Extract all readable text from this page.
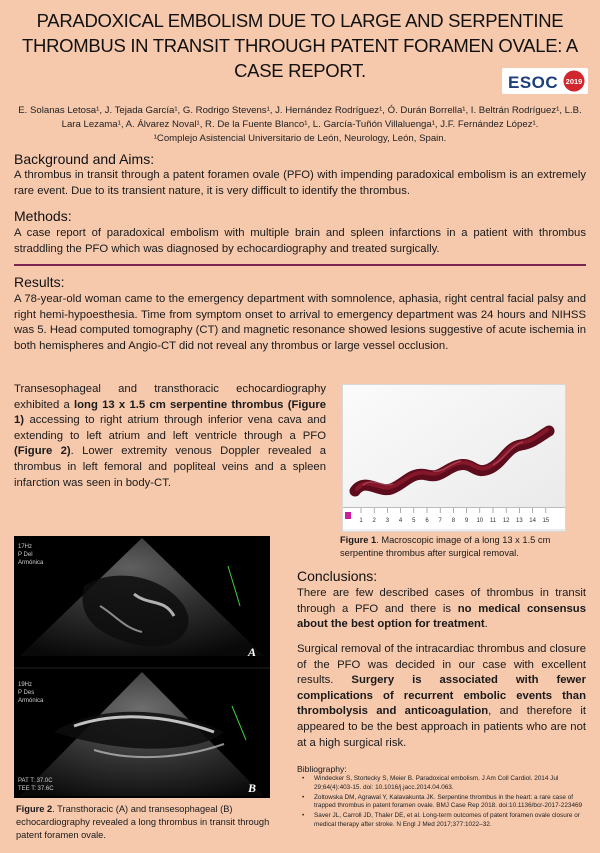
PARADOXICAL EMBOLISM DUE TO LARGE AND SERPENTINE
THROMBUS IN TRANSIT THROUGH PATENT FORAMEN OVALE: A
CASE REPORT.
ESOC 2019
E. Solanas Letosa¹, J. Tejada García¹, G. Rodrigo Stevens¹, J. Hernández Rodríguez¹, Ó. Durán Borrella¹, I. Beltrán Rodríguez¹, L.B.
Lara Lezama¹, A. Álvarez Noval¹, R. De la Fuente Blanco¹, L. García-Tuñón Villaluenga¹, J.F. Fernández López¹.
¹Complejo Asistencial Universitario de León, Neurology, León, Spain.
Background and Aims:

A thrombus in transit through a patent foramen ovale (PFO) with impending paradoxical embolism is an extremely rare event. Due to its transient nature, it is very difficult to identify the thrombus.

Methods:

A case report of paradoxical embolism with multiple brain and spleen infarctions in a patient with thrombus straddling the PFO which was diagnosed by echocardiography and treated surgically.

Results:

A 78-year-old woman came to the emergency department with somnolence, aphasia, right central facial palsy and right hemi-hypoesthesia. Time from symptom onset to arrival to emergency department was 24 hours and NIHSS was 5. Head computed tomography (CT) and magnetic resonance showed lesions suggestive of acute ischemia in both hemispheres and Angio-CT did not reveal any thrombus or large vessel occlusion.

Transesophageal and transthoracic echocardiography exhibited a long 13 x 1.5 cm serpentine thrombus (Figure 1) accessing to right atrium through inferior vena cava and extending to left atrium and left ventricle through a PFO (Figure 2). Lower extremity venous Doppler revealed a thrombus in left femoral and popliteal veins and a spleen infarction was seen in body-CT.

1 2 3 4 5 6 7 8 9 10 11 12 13 14 15

Figure 1. Macroscopic image of a long 13 x 1.5 cm serpentine thrombus after surgical removal.

17Hz
P Del
Armónica
A
19Hz
P Des
Armónica
PAT T: 37.0C
TEE T: 37.6C	B

Figure 2. Transthoracic (A) and transesophageal (B) echocardiography revealed a long thrombus in transit through patent foramen ovale.

Conclusions:

There are few described cases of thrombus in transit through a PFO and there is no medical consensus about the best option for treatment.

Surgical removal of the intracardiac thrombus and closure of the PFO was decided in our case with excellent results. Surgery is associated with fewer complications of recurrent embolic events than thrombolysis and anticoagulation, and therefore it appeared to be the best approach in patients who are not at a high surgical risk.

Bibliography:
• Windecker S, Stortecky S, Meier B. Paradoxical embolism. J Am Coll Cardiol. 2014 Jul 29;64(4):403-15. doi: 10.1016/j.jacc.2014.04.063.
• Zoltowska DM, Agrawal Y, Kalavakunta JK. Serpentine thrombus in the heart: a rare case of trapped thrombus in patent foramen ovale. BMJ Case Rep 2018. doi:10.1136/bcr-2017-223469
• Saver JL, Carroll JD, Thaler DE, et al. Long-term outcomes of patent foramen ovale closure or medical therapy after stroke. N Engl J Med 2017;377:1022–32.
